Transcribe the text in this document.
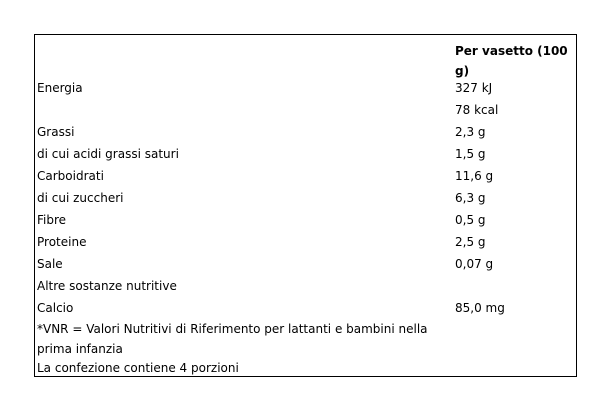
Per vasetto (100 g)
Energia	327 kJ
78 kcal
Grassi	2,3 g
di cui acidi grassi saturi	1,5 g
Carboidrati	11,6 g
di cui zuccheri	6,3 g
Fibre	0,5 g
Proteine	2,5 g
Sale	0,07 g
Altre sostanze nutritive
Calcio	85,0 mg
*VNR = Valori Nutritivi di Riferimento per lattanti e bambini nella prima infanzia
La confezione contiene 4 porzioni
